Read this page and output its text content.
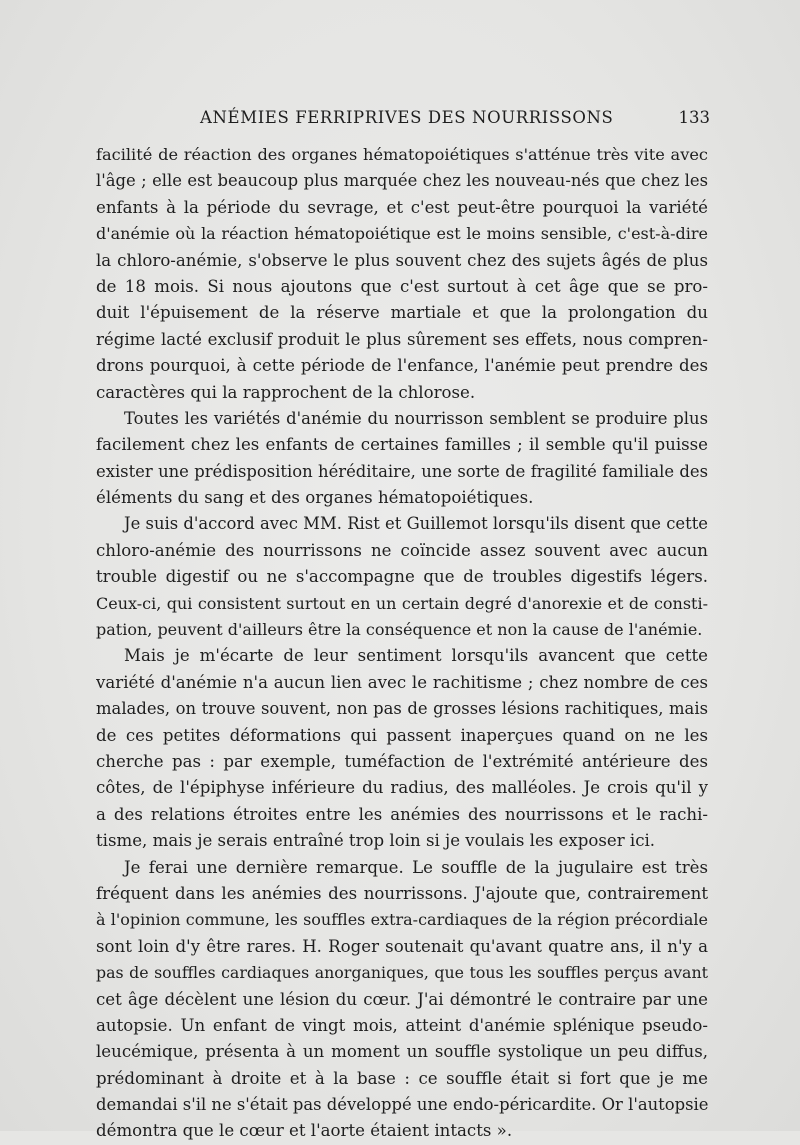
ANÉMIES FERRIPRIVES DES NOURRISSONS	133
facilité de réaction des organes hématopoiétiques s'atténue très vite avec
l'âge ; elle est beaucoup plus marquée chez les nouveau-nés que chez les
enfants à la période du sevrage, et c'est peut-être pourquoi la variété
d'anémie où la réaction hématopoiétique est le moins sensible, c'est-à-dire
la chloro-anémie, s'observe le plus souvent chez des sujets âgés de plus
de 18 mois. Si nous ajoutons que c'est surtout à cet âge que se pro-
duit l'épuisement de la réserve martiale et que la prolongation du
régime lacté exclusif produit le plus sûrement ses effets, nous compren-
drons pourquoi, à cette période de l'enfance, l'anémie peut prendre des
caractères qui la rapprochent de la chlorose.
Toutes les variétés d'anémie du nourrisson semblent se produire plus
facilement chez les enfants de certaines familles ; il semble qu'il puisse
exister une prédisposition héréditaire, une sorte de fragilité familiale des
éléments du sang et des organes hématopoiétiques.
Je suis d'accord avec MM. Rist et Guillemot lorsqu'ils disent que cette
chloro-anémie des nourrissons ne coïncide assez souvent avec aucun
trouble digestif ou ne s'accompagne que de troubles digestifs légers.
Ceux-ci, qui consistent surtout en un certain degré d'anorexie et de consti-
pation, peuvent d'ailleurs être la conséquence et non la cause de l'anémie.
Mais je m'écarte de leur sentiment lorsqu'ils avancent que cette
variété d'anémie n'a aucun lien avec le rachitisme ; chez nombre de ces
malades, on trouve souvent, non pas de grosses lésions rachitiques, mais
de ces petites déformations qui passent inaperçues quand on ne les
cherche pas : par exemple, tuméfaction de l'extrémité antérieure des
côtes, de l'épiphyse inférieure du radius, des malléoles. Je crois qu'il y
a des relations étroites entre les anémies des nourrissons et le rachi-
tisme, mais je serais entraîné trop loin si je voulais les exposer ici.
Je ferai une dernière remarque. Le souffle de la jugulaire est très
fréquent dans les anémies des nourrissons. J'ajoute que, contrairement
à l'opinion commune, les souffles extra-cardiaques de la région précordiale
sont loin d'y être rares. H. Roger soutenait qu'avant quatre ans, il n'y a
pas de souffles cardiaques anorganiques, que tous les souffles perçus avant
cet âge décèlent une lésion du cœur. J'ai démontré le contraire par une
autopsie. Un enfant de vingt mois, atteint d'anémie splénique pseudo-
leucémique, présenta à un moment un souffle systolique un peu diffus,
prédominant à droite et à la base : ce souffle était si fort que je me
demandai s'il ne s'était pas développé une endo-péricardite. Or l'autopsie
démontra que le cœur et l'aorte étaient intacts ».
